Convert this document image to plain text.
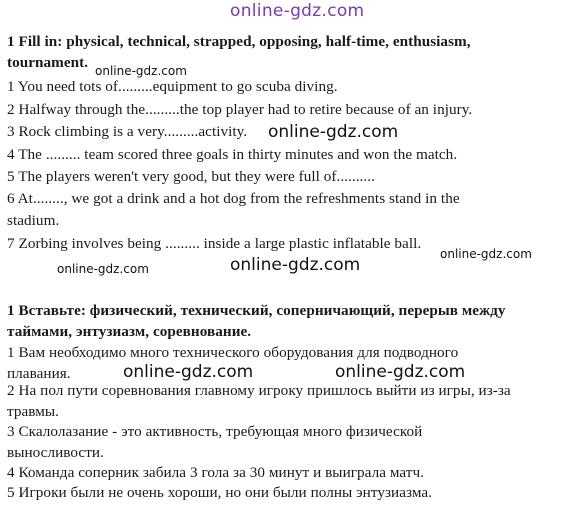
online-gdz.com
1 Fill in: physical, technical, strapped, opposing, half-time, enthusiasm,
tournament. online-gdz.com
1 You need tots of.........equipment to go scuba diving.
2 Halfway through the.........the top player had to retire because of an injury.
3 Rock climbing is a very.........activity. online-gdz.com
4 The ......... team scored three goals in thirty minutes and won the match.
5 The players weren't very good, but they were full of..........
6 At........, we got a drink and a hot dog from the refreshments stand in the
stadium.
7 Zorbing involves being ......... inside a large plastic inflatable ball.
online-gdz.com
online-gdz.com
online-gdz.com
1 Вставьте: физический, технический, соперничающий, перерыв между
таймами, энтузиазм, соревнование.
1 Вам необходимо много технического оборудования для подводного
плавания.	online-gdz.com	online-gdz.com
2 На пол пути соревнования главному игроку пришлось выйти из игры, из-за
травмы.
3 Скалолазание - это активность, требующая много физической
выносливости.
4 Команда соперник забила 3 гола за 30 минут и выиграла матч.
5 Игроки были не очень хороши, но они были полны энтузиазма.
